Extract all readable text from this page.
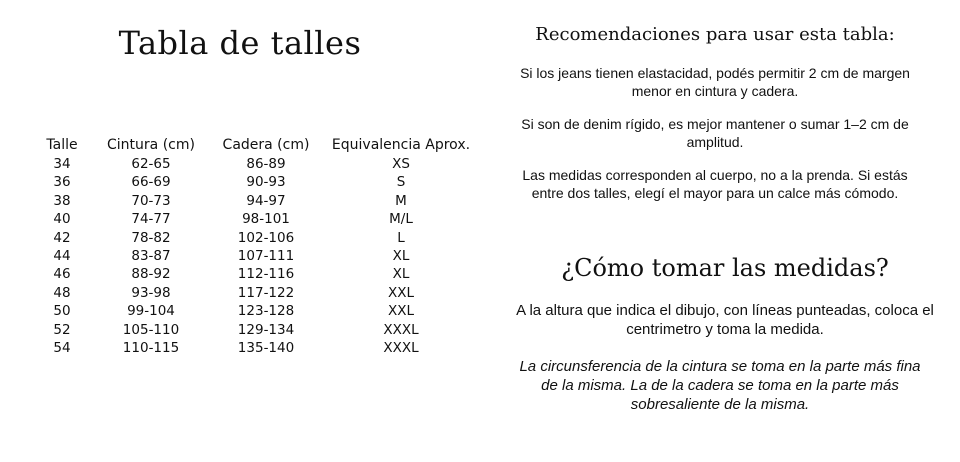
Tabla de talles
Talle	Cintura (cm)	Cadera (cm)	Equivalencia Aprox.
34	62-65	86-89	XS
36	66-69	90-93	S
38	70-73	94-97	M
40	74-77	98-101	M/L
42	78-82	102-106	L
44	83-87	107-111	XL
46	88-92	112-116	XL
48	93-98	117-122	XXL
50	99-104	123-128	XXL
52	105-110	129-134	XXXL
54	110-115	135-140	XXXL
Recomendaciones para usar esta tabla:

Si los jeans tienen elastacidad, podés permitir 2 cm de margen menor en cintura y cadera.

Si son de denim rígido, es mejor mantener o sumar 1–2 cm de amplitud.

Las medidas corresponden al cuerpo, no a la prenda. Si estás entre dos talles, elegí el mayor para un calce más cómodo.

¿Cómo tomar las medidas?

A la altura que indica el dibujo, con líneas punteadas, coloca el centrimetro y toma la medida.

La circunsferencia de la cintura se toma en la parte más fina de la misma. La de la cadera se toma en la parte más sobresaliente de la misma.
